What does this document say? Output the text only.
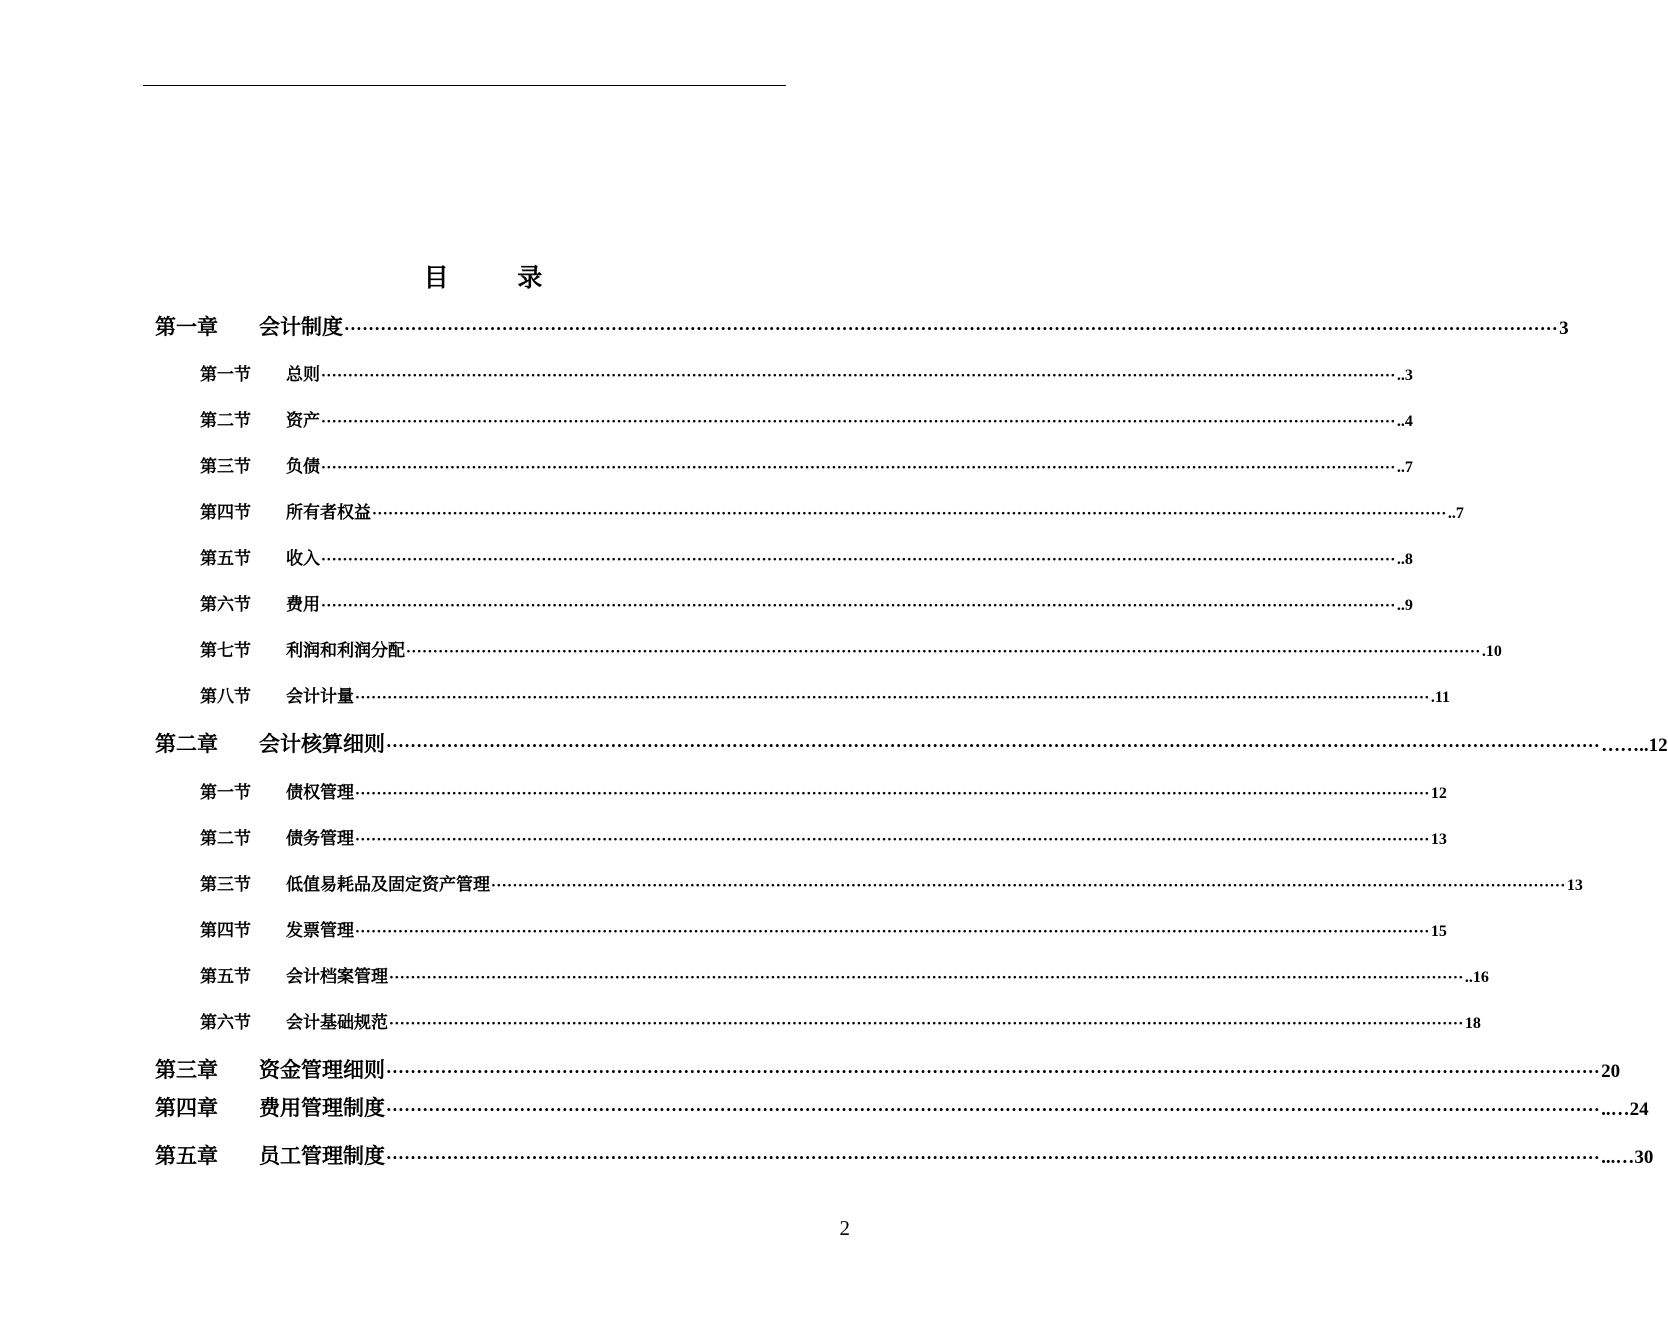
目 录
第一章	会计制度 ········································································································································································································ 3
第一节	总则 ········································································································································································································ ..3
第二节	资产 ········································································································································································································ ..4
第三节	负债 ········································································································································································································ ..7
第四节	所有者权益 ········································································································································································································ ..7
第五节	收入 ········································································································································································································ ..8
第六节	费用 ········································································································································································································ ..9
第七节	利润和利润分配 ········································································································································································································ .10
第八节	会计计量 ········································································································································································································ .11
第二章	会计核算细则 ········································································································································································································ ……..12
第一节	债权管理 ········································································································································································································ 12
第二节	债务管理 ········································································································································································································ 13
第三节	低值易耗品及固定资产管理 ········································································································································································································ 13
第四节	发票管理 ········································································································································································································ 15
第五节	会计档案管理 ········································································································································································································ ..16
第六节	会计基础规范 ········································································································································································································ 18
第三章	资金管理细则 ········································································································································································································ 20
第四章	费用管理制度 ········································································································································································································ ..…24
第五章	员工管理制度 ········································································································································································································ ...…30
2
